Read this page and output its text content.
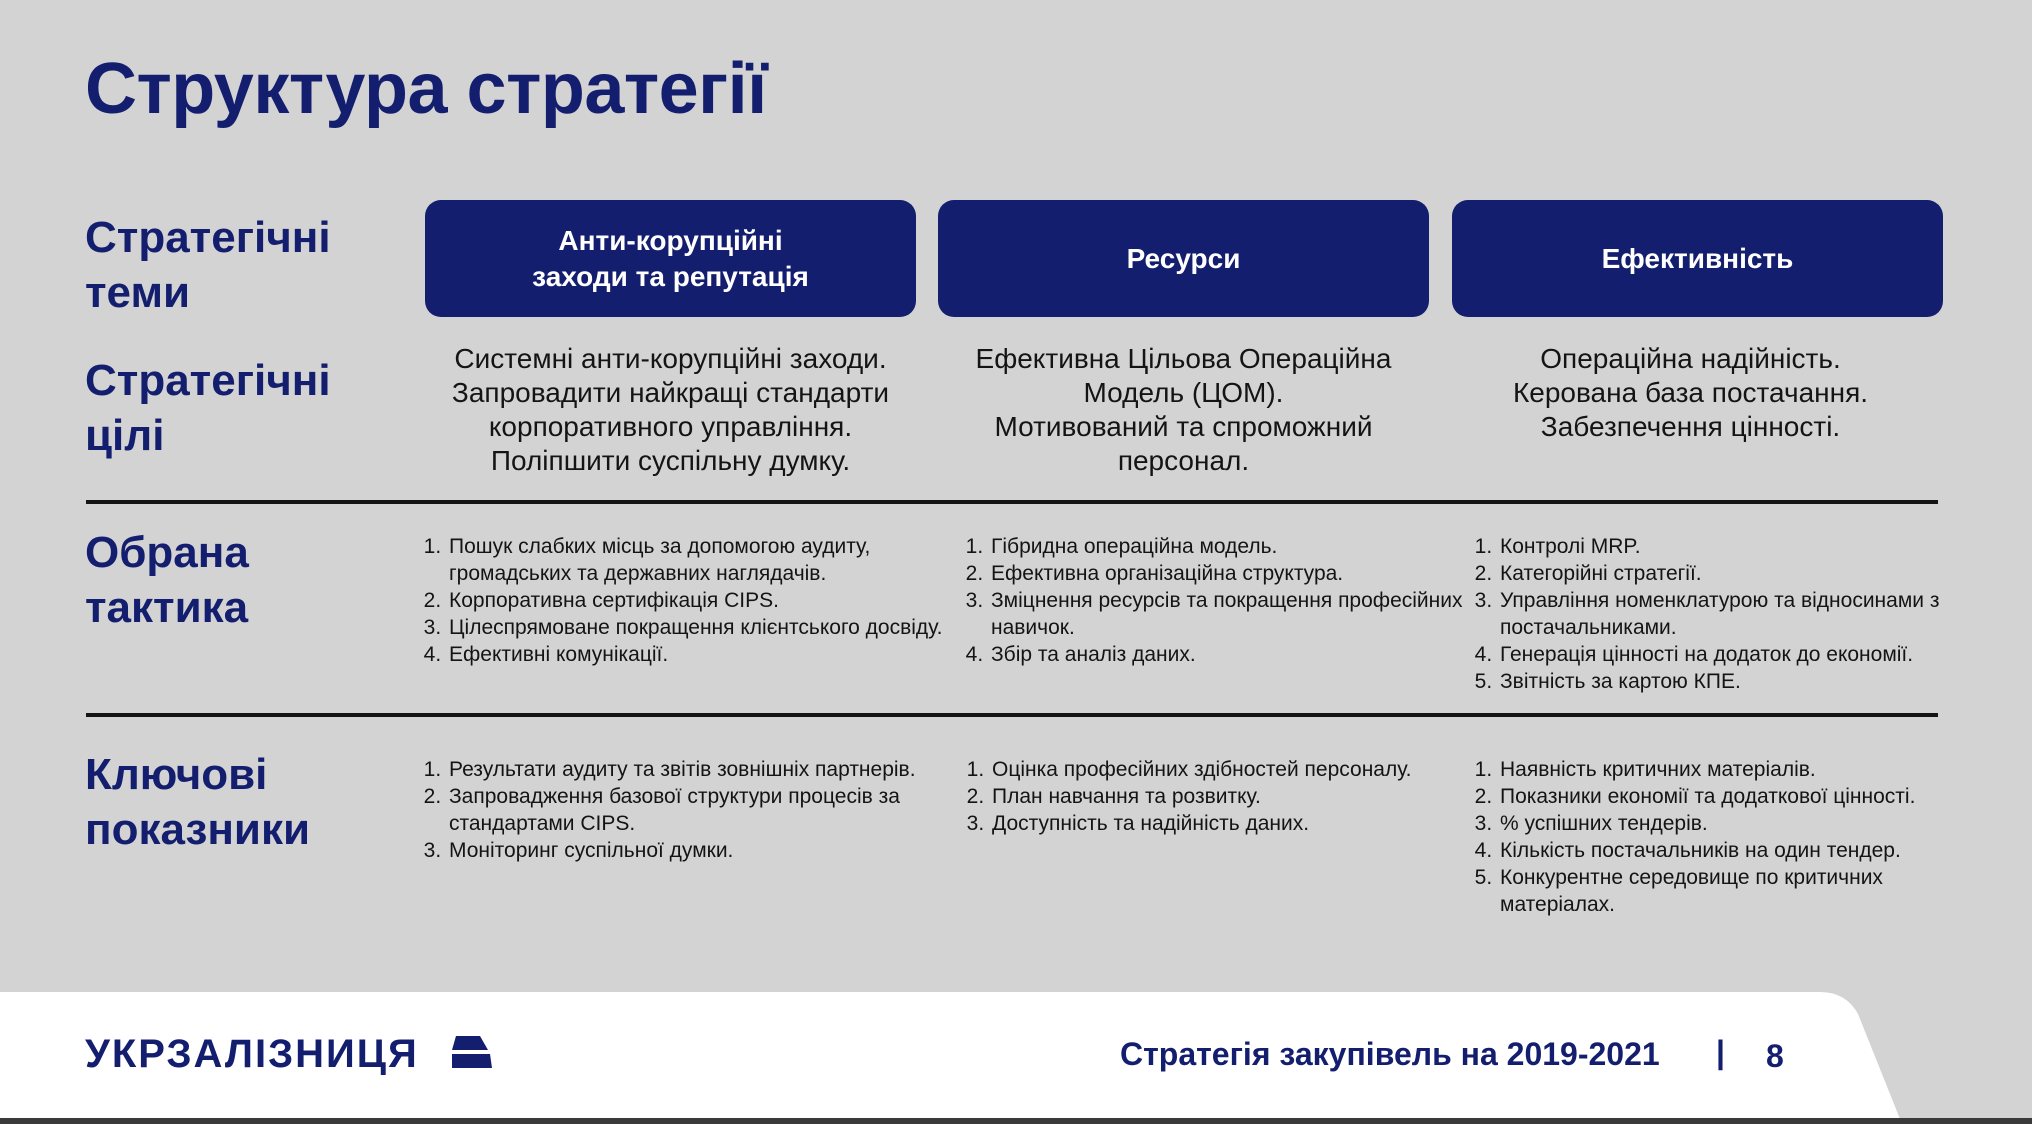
Структура стратегії
Стратегічні
теми
Стратегічні
цілі
Обрана
тактика
Ключові
показники
Анти-корупційні
заходи та репутація
Ресурси	Ефективність
Системні анти-корупційні заходи.
Запровадити найкращі стандарти
корпоративного управління.
Поліпшити суспільну думку.
Ефективна Цільова Операційна
Модель (ЦОМ).
Мотивований та спроможний
персонал.
Операційна надійність.
Керована база постачання.
Забезпечення цінності.
1. Пошук слабких місць за допомогою аудиту, громадських та державних наглядачів.
2. Корпоративна сертифікація CIPS.
3. Цілеспрямоване покращення клієнтського досвіду.
4. Ефективні комунікації.
1. Гібридна операційна модель.
2. Ефективна організаційна структура.
3. Зміцнення ресурсів та покращення професійних навичок.
4. Збір та аналіз даних.
1. Контролі MRP.
2. Категорійні стратегії.
3. Управління номенклатурою та відносинами з постачальниками.
4. Генерація цінності на додаток до економії.
5. Звітність за картою КПЕ.
1. Результати аудиту та звітів зовнішніх партнерів.
2. Запровадження базової структури процесів за стандартами CIPS.
3. Моніторинг суспільної думки.
1. Оцінка професійних здібностей персоналу.
2. План навчання та розвитку.
3. Доступність та надійність даних.
1. Наявність критичних матеріалів.
2. Показники економії та додаткової цінності.
3. % успішних тендерів.
4. Кількість постачальників на один тендер.
5. Конкурентне середовище по критичних матеріалах.
УКРЗАЛІЗНИЦЯ	Стратегія закупівель на 2019-2021 | 8
